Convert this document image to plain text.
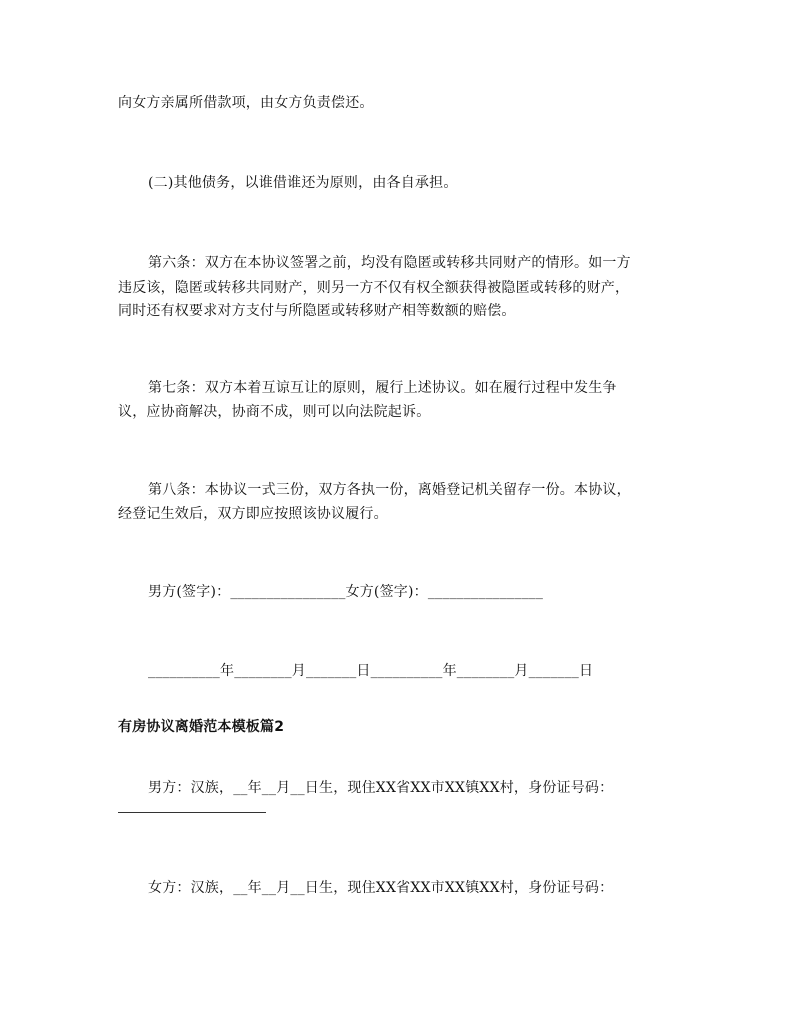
向女方亲属所借款项，由女方负责偿还。
(二)其他债务，以谁借谁还为原则，由各自承担。
第六条：双方在本协议签署之前，均没有隐匿或转移共同财产的情形。如一方
违反该，隐匿或转移共同财产，则另一方不仅有权全额获得被隐匿或转移的财产，
同时还有权要求对方支付与所隐匿或转移财产相等数额的赔偿。
第七条：双方本着互谅互让的原则，履行上述协议。如在履行过程中发生争
议，应协商解决，协商不成，则可以向法院起诉。
第八条：本协议一式三份，双方各执一份，离婚登记机关留存一份。本协议，
经登记生效后，双方即应按照该协议履行。
男方(签字)：________________女方(签字)：________________
__________年________月_______日__________年________月_______日
有房协议离婚范本模板篇2
男方：汉族，__年__月__日生，现住XX省XX市XX镇XX村，身份证号码：
女方：汉族，__年__月__日生，现住XX省XX市XX镇XX村，身份证号码：
